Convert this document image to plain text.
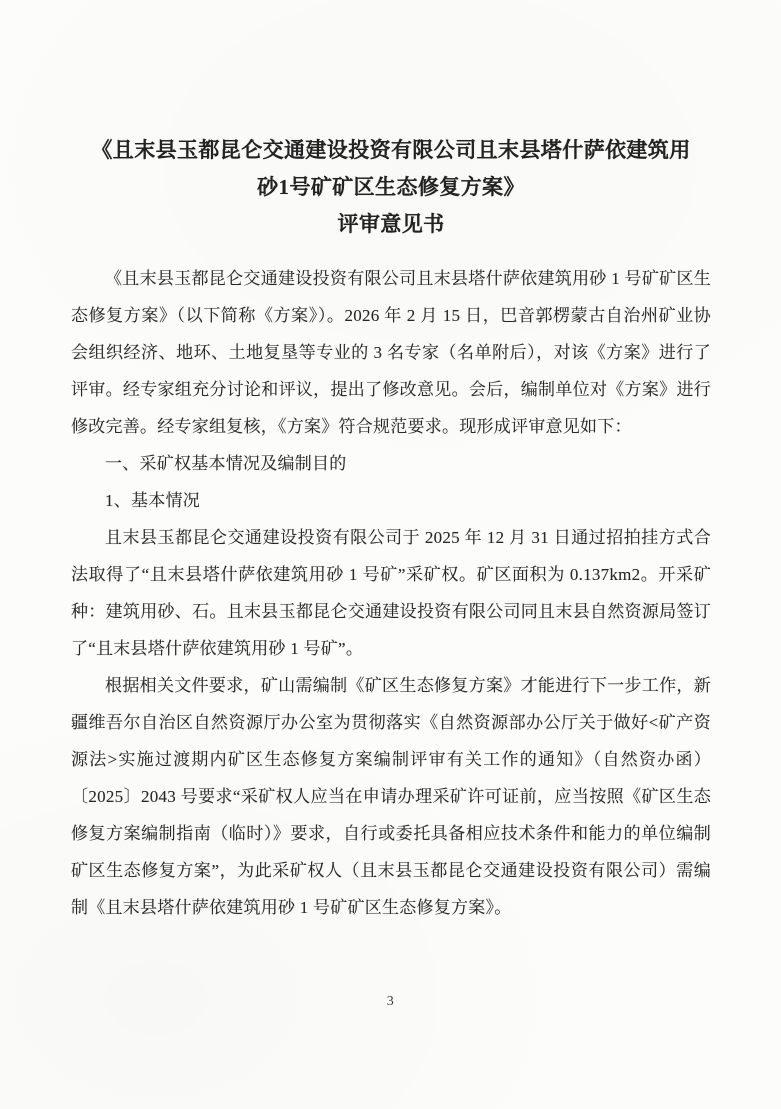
《且末县玉都昆仑交通建设投资有限公司且末县塔什萨依建筑用
砂1号矿矿区生态修复方案》
评审意见书

《且末县玉都昆仑交通建设投资有限公司且末县塔什萨依建筑用砂 1 号矿矿区生态修复方案》（以下简称《方案》）。2026 年 2 月 15 日，巴音郭楞蒙古自治州矿业协会组织经济、地环、土地复垦等专业的 3 名专家（名单附后），对该《方案》进行了评审。经专家组充分讨论和评议，提出了修改意见。会后，编制单位对《方案》进行修改完善。经专家组复核，《方案》符合规范要求。现形成评审意见如下：

一、采矿权基本情况及编制目的

1、基本情况

且末县玉都昆仑交通建设投资有限公司于 2025 年 12 月 31 日通过招拍挂方式合法取得了“且末县塔什萨依建筑用砂 1 号矿”采矿权。矿区面积为 0.137km2。开采矿种：建筑用砂、石。且末县玉都昆仑交通建设投资有限公司同且末县自然资源局签订了“且末县塔什萨依建筑用砂 1 号矿”。

根据相关文件要求，矿山需编制《矿区生态修复方案》才能进行下一步工作，新疆维吾尔自治区自然资源厅办公室为贯彻落实《自然资源部办公厅关于做好<矿产资源法>实施过渡期内矿区生态修复方案编制评审有关工作的通知》（自然资办函）〔2025〕2043 号要求“采矿权人应当在申请办理采矿许可证前，应当按照《矿区生态修复方案编制指南（临时）》要求，自行或委托具备相应技术条件和能力的单位编制矿区生态修复方案”，为此采矿权人（且末县玉都昆仑交通建设投资有限公司）需编制《且末县塔什萨依建筑用砂 1 号矿矿区生态修复方案》。

3
